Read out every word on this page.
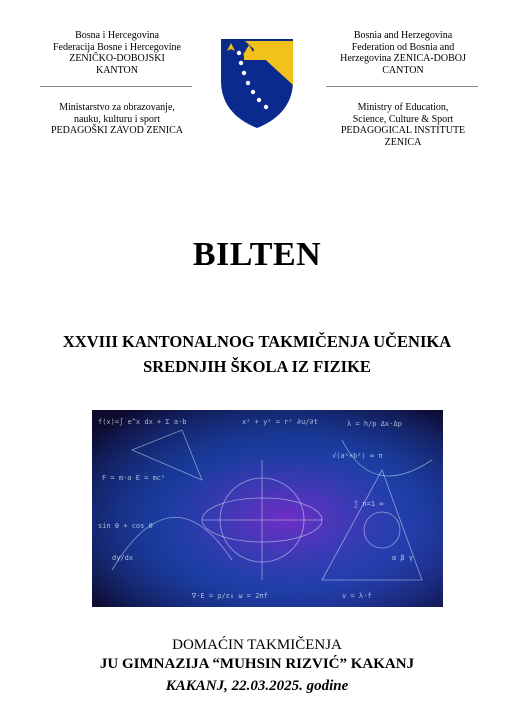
Bosna i Hercegovina
Federacija Bosne i Hercegovine
ZENIČKO-DOBOJSKI
KANTON
Ministarstvo za obrazovanje,
nauku, kulturu i sport
PEDAGOŠKI ZAVOD ZENICA
Bosnia and Herzegovina
Federation od Bosnia and
Herzegovina ZENICA-DOBOJ
CANTON
Ministry of Education,
Science, Culture & Sport
PEDAGOGICAL INSTITUTE
ZENICA
BILTEN
XXVIII KANTONALNOG TAKMIČENJA UČENIKA
SREDNJIH ŠKOLA IZ FIZIKE
f(x)=∫ e^x dx + Σ a·b	x² + y² = r² ∂u/∂t	λ = h/p Δx·Δp
F = m·a E = mc²
√(a²+b²) ∞ π
sin θ + cos θ
∑ n=1 ∞
∇·E = ρ/ε₀ ω = 2πf	v = λ·f
dy/dx	α β γ
DOMAĆIN TAKMIČENJA
JU GIMNAZIJA “MUHSIN RIZVIĆ” KAKANJ
KAKANJ, 22.03.2025. godine
